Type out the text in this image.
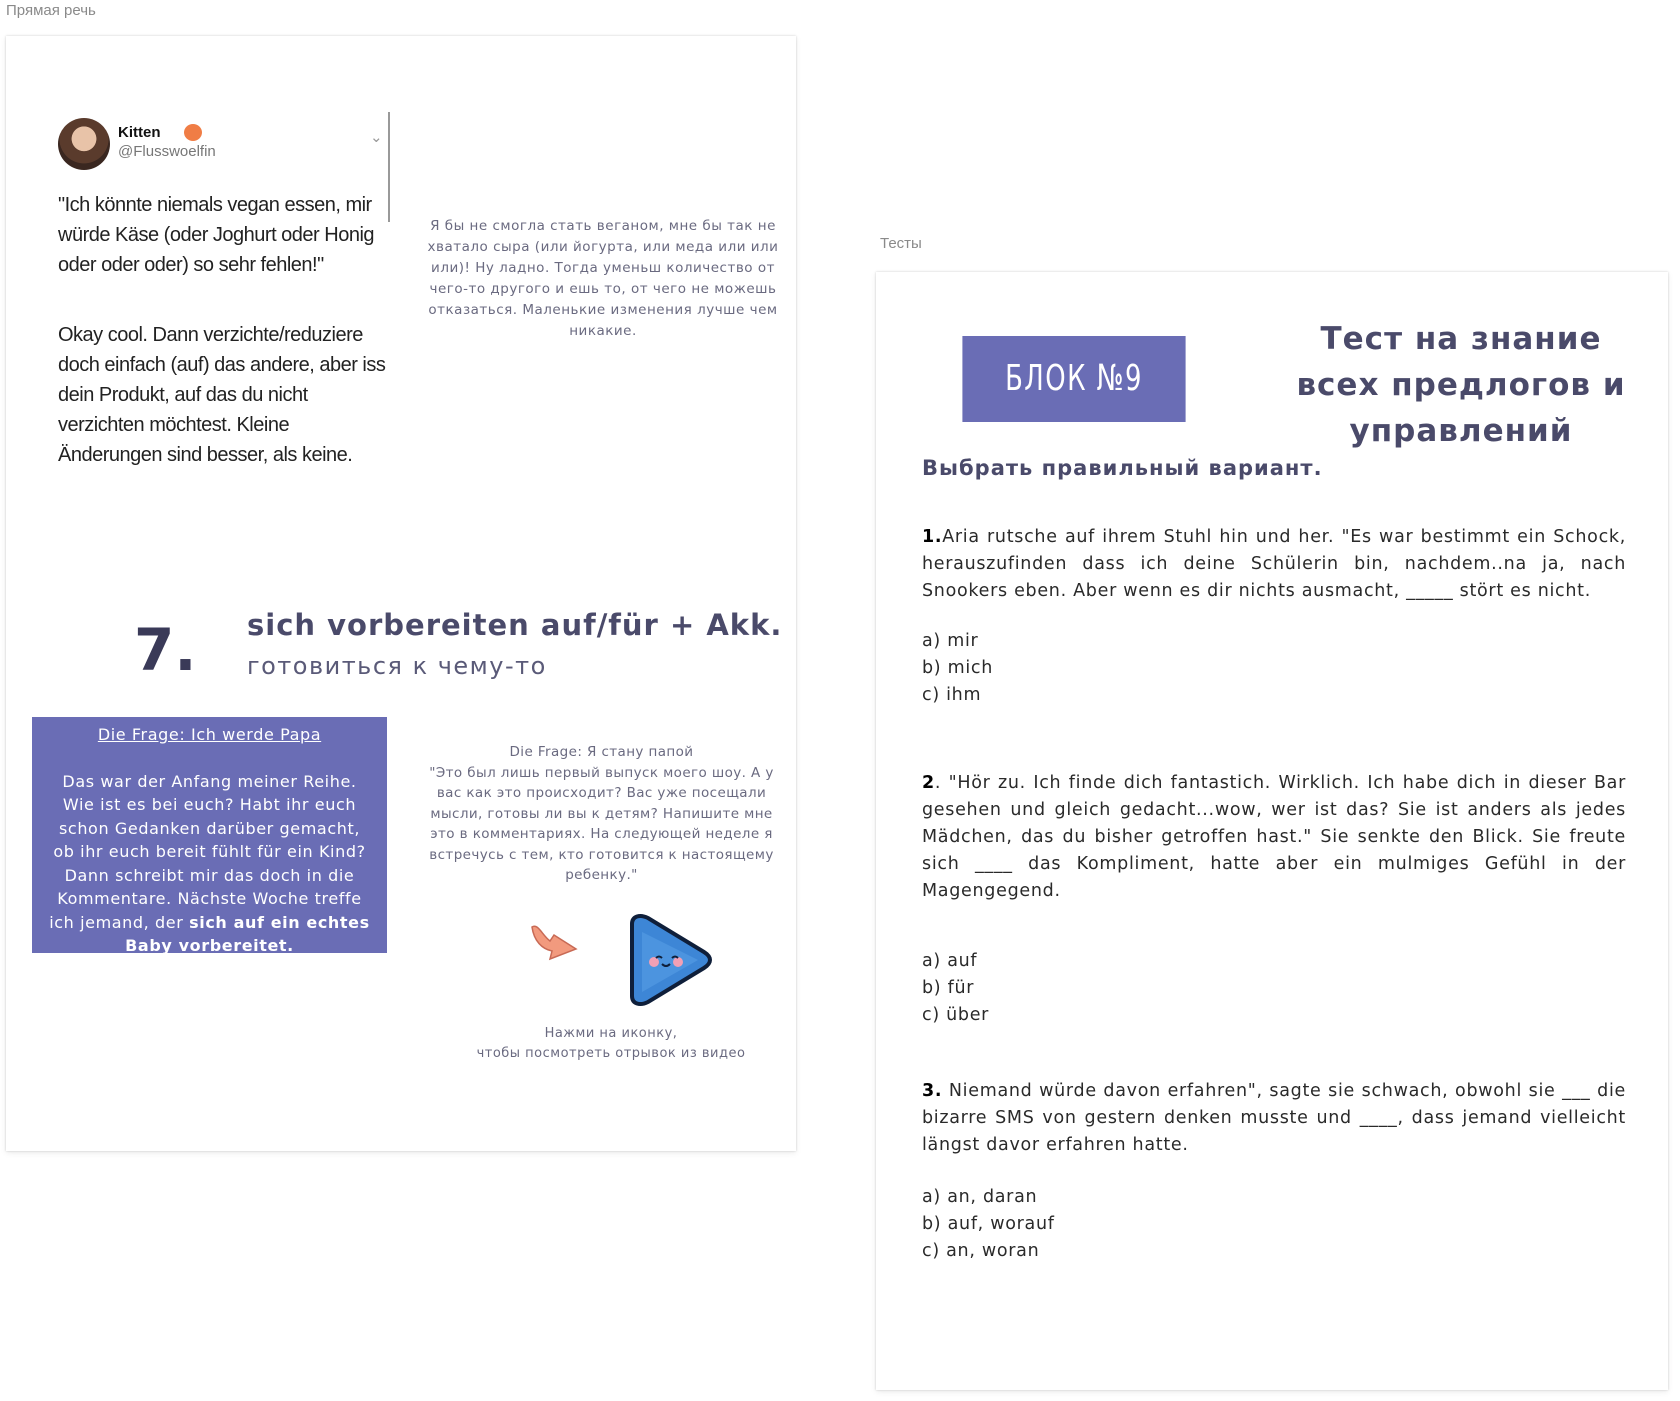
Прямая речь
Тесты
Kitten
@Flusswoelfin
⌄
"Ich könnte niemals vegan essen, mir würde Käse (oder Joghurt oder Honig oder oder oder) so sehr fehlen!"
Okay cool. Dann verzichte/reduziere doch einfach (auf) das andere, aber iss dein Produkt, auf das du nicht verzichten möchtest. Kleine Änderungen sind besser, als keine.
Я бы не смогла стать веганом, мне бы так не хватало сыра (или йогурта, или меда или или или)! Ну ладно. Тогда уменьш количество от чего-то другого и ешь то, от чего не можешь отказаться. Маленькие изменения лучше чем никакие.
7. sich vorbereiten auf/für + Akk.
готовиться к чему-то
Die Frage: Ich werde Papa
Das war der Anfang meiner Reihe. Wie ist es bei euch? Habt ihr euch schon Gedanken darüber gemacht, ob ihr euch bereit fühlt für ein Kind? Dann schreibt mir das doch in die Kommentare. Nächste Woche treffe ich jemand, der sich auf ein echtes Baby vorbereitet.
Die Frage: Я стану папой
"Это был лишь первый выпуск моего шоу. А у вас как это происходит? Вас уже посещали мысли, готовы ли вы к детям? Напишите мне это в комментариях. На следующей неделе я встречусь с тем, кто готовится к настоящему ребенку."
Нажми на иконку,
чтобы посмотреть отрывок из видео
БЛОК №9
Тест на знание всех предлогов и управлений
Выбрать правильный вариант.
1.Aria rutsche auf ihrem Stuhl hin und her. "Es war bestimmt ein Schock, herauszufinden dass ich deine Schülerin bin, nachdem..na ja, nach Snookers eben. Aber wenn es dir nichts ausmacht, _____ stört es nicht.
a) mir
b) mich
c) ihm
2. "Hör zu. Ich finde dich fantastich. Wirklich. Ich habe dich in dieser Bar gesehen und gleich gedacht...wow, wer ist das? Sie ist anders als jedes Mädchen, das du bisher getroffen hast." Sie senkte den Blick. Sie freute sich ____ das Kompliment, hatte aber ein mulmiges Gefühl in der Magengegend.
a) auf
b) für
c) über
3. Niemand würde davon erfahren", sagte sie schwach, obwohl sie ___ die bizarre SMS von gestern denken musste und ____, dass jemand vielleicht längst davor erfahren hatte.
a) an, daran
b) auf, worauf
c) an, woran
